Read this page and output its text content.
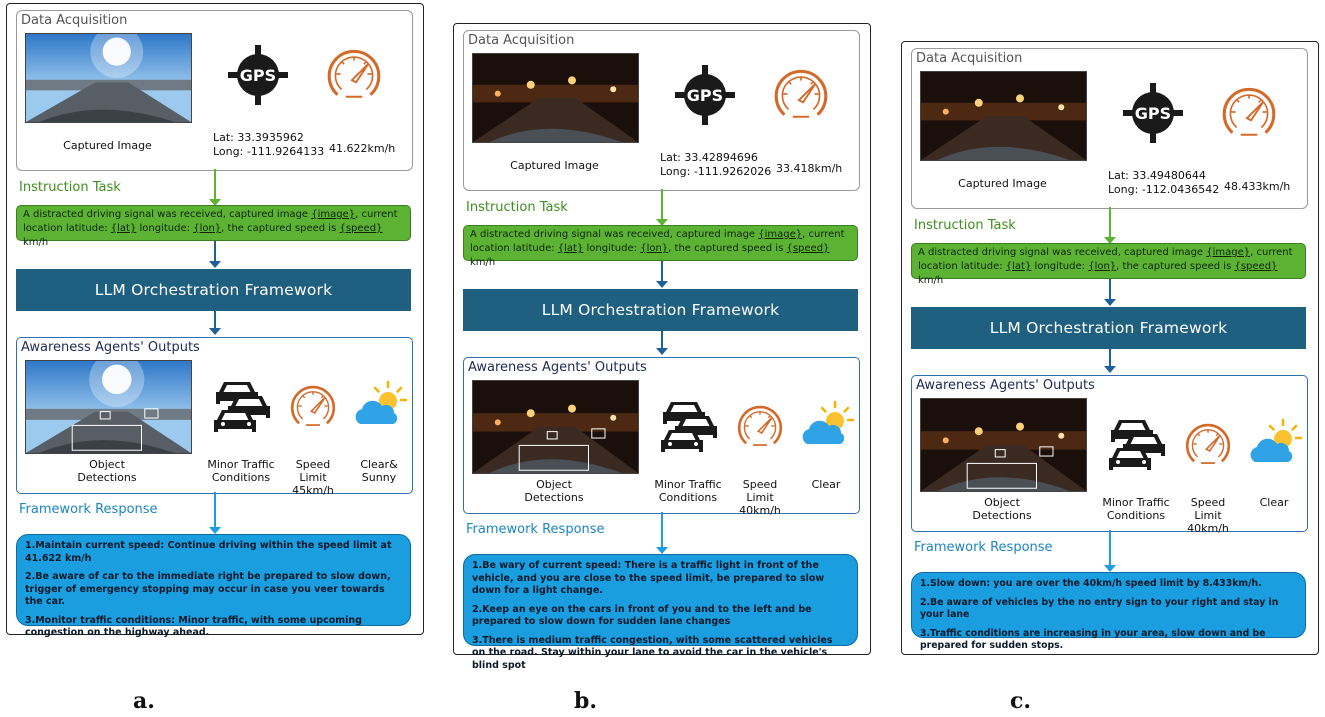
Data Acquisition
Captured Image
GPS
Lat: 33.3935962
Long: -111.9264133 41.622km/h
Instruction Task
A distracted driving signal was received, captured image {image}, current location latitude: {lat} longitude: {lon}, the captured speed is {speed} km/h
LLM Orchestration Framework
Awareness Agents' Outputs
Object Detections
Minor Traffic Conditions
Speed Limit 45km/h
Clear& Sunny
Framework Response

1.Maintain current speed: Continue driving within the speed limit at 41.622 km/h

2.Be aware of car to the immediate right be prepared to slow down, trigger of emergency stopping may occur in case you veer towards the car.

3.Monitor traffic conditions: Minor traffic, with some upcoming congestion on the highway ahead.

a.
Data Acquisition
Captured Image
GPS
Lat: 33.42894696
Long: -111.9262026 33.418km/h
Instruction Task
A distracted driving signal was received, captured image {image}, current location latitude: {lat} longitude: {lon}, the captured speed is {speed} km/h
LLM Orchestration Framework
Awareness Agents' Outputs
Object Detections
Minor Traffic Conditions
Speed Limit 40km/h
Clear
Framework Response

1.Be wary of current speed: There is a traffic light in front of the vehicle, and you are close to the speed limit, be prepared to slow down for a light change.

2.Keep an eye on the cars in front of you and to the left and be prepared to slow down for sudden lane changes

3.There is medium traffic congestion, with some scattered vehicles on the road. Stay within your lane to avoid the car in the vehicle's blind spot

b.
Data Acquisition
Captured Image
GPS
Lat: 33.49480644
Long: -112.0436542 48.433km/h
Instruction Task
A distracted driving signal was received, captured image {image}, current location latitude: {lat} longitude: {lon}, the captured speed is {speed} km/h
LLM Orchestration Framework
Awareness Agents' Outputs
Object Detections
Minor Traffic Conditions
Speed Limit 40km/h
Clear
Framework Response

1.Slow down: you are over the 40km/h speed limit by 8.433km/h.

2.Be aware of vehicles by the no entry sign to your right and stay in your lane

3.Traffic conditions are increasing in your area, slow down and be prepared for sudden stops.

c.
